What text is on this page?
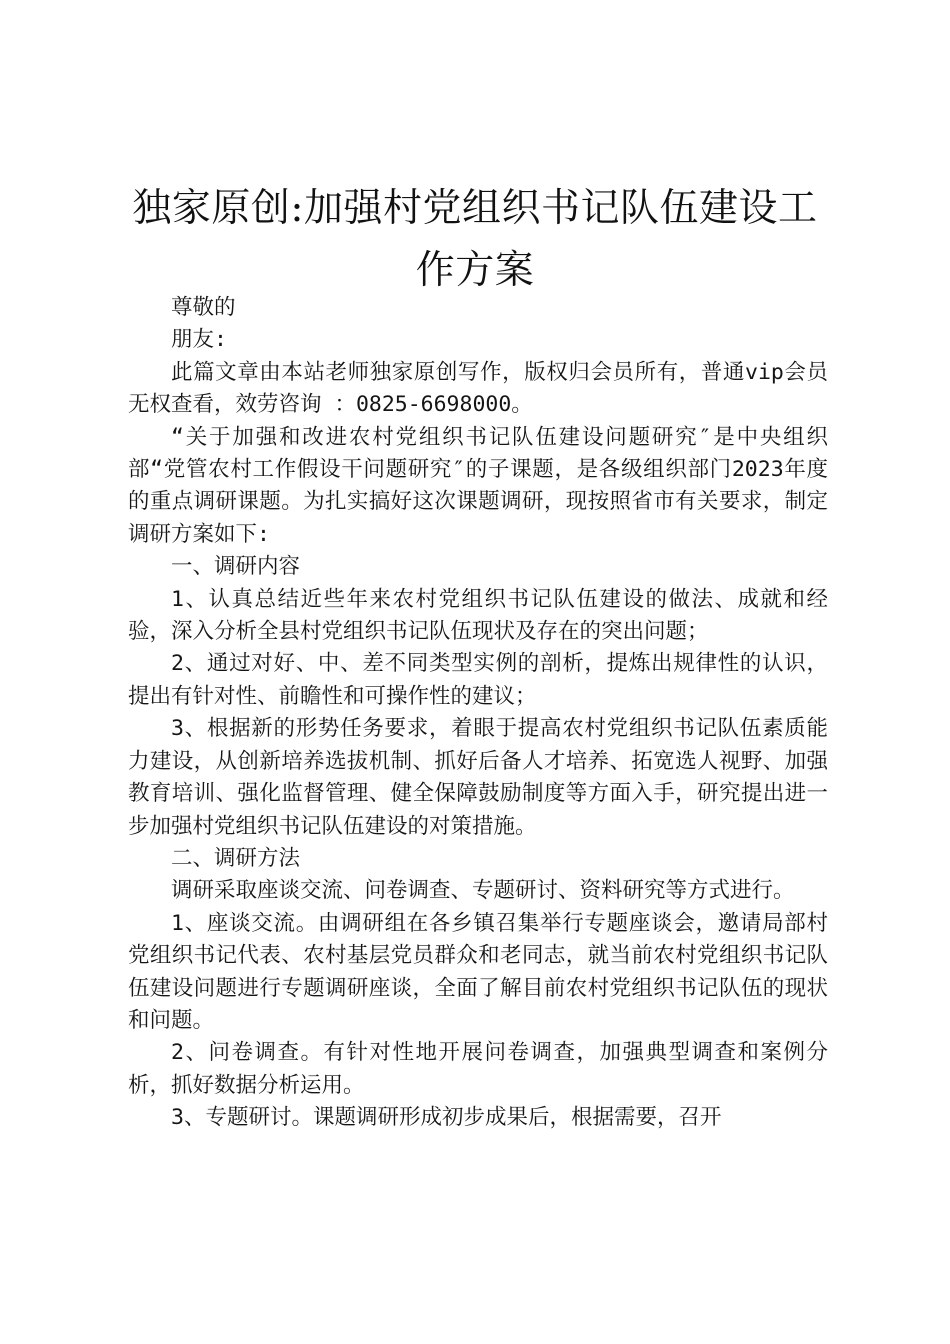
独家原创:加强村党组织书记队伍建设工作方案

尊敬的

朋友:

此篇文章由本站老师独家原创写作，版权归会员所有，普通vip会员无权查看，效劳咨询 ：0825-6698000。

“关于加强和改进农村党组织书记队伍建设问题研究″是中央组织部“党管农村工作假设干问题研究″的子课题，是各级组织部门2023年度的重点调研课题。为扎实搞好这次课题调研，现按照省市有关要求，制定调研方案如下:

一、调研内容

1、认真总结近些年来农村党组织书记队伍建设的做法、成就和经验，深入分析全县村党组织书记队伍现状及存在的突出问题；

2、通过对好、中、差不同类型实例的剖析，提炼出规律性的认识，提出有针对性、前瞻性和可操作性的建议；

3、根据新的形势任务要求，着眼于提高农村党组织书记队伍素质能力建设，从创新培养选拔机制、抓好后备人才培养、拓宽选人视野、加强教育培训、强化监督管理、健全保障鼓励制度等方面入手，研究提出进一步加强村党组织书记队伍建设的对策措施。

二、调研方法

调研采取座谈交流、问卷调查、专题研讨、资料研究等方式进行。

1、座谈交流。由调研组在各乡镇召集举行专题座谈会，邀请局部村党组织书记代表、农村基层党员群众和老同志，就当前农村党组织书记队伍建设问题进行专题调研座谈，全面了解目前农村党组织书记队伍的现状和问题。

2、问卷调查。有针对性地开展问卷调查，加强典型调查和案例分析，抓好数据分析运用。

3、专题研讨。课题调研形成初步成果后，根据需要，召开
